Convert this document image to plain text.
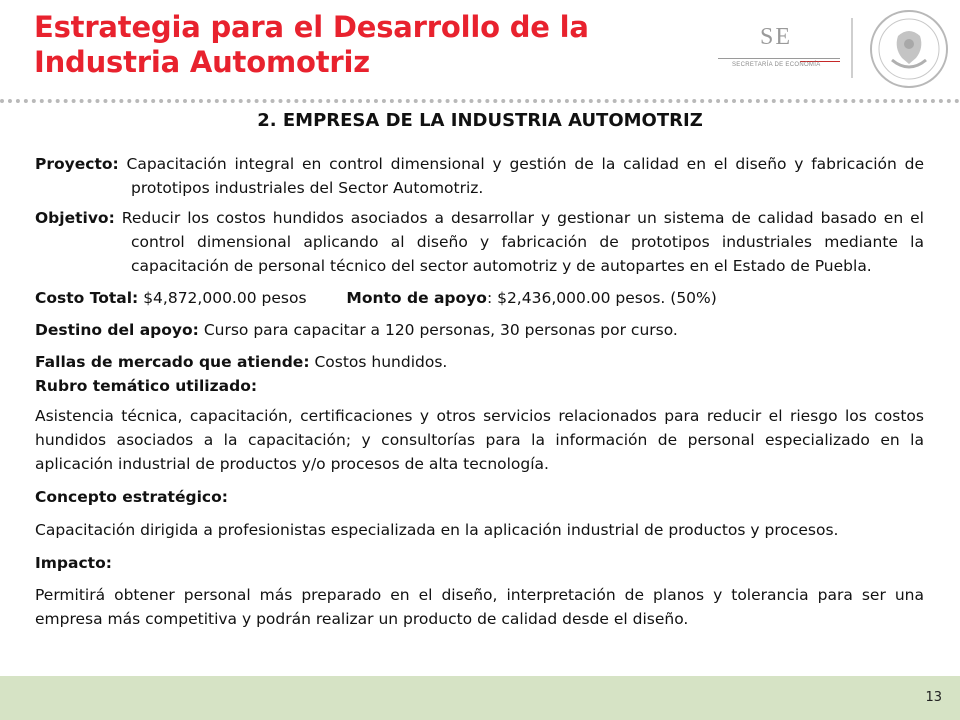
Estrategia para el Desarrollo de la Industria Automotriz
SE
SECRETARÍA DE ECONOMÍA
2. EMPRESA DE LA INDUSTRIA AUTOMOTRIZ
Proyecto: Capacitación integral en control dimensional y gestión de la calidad en el diseño y fabricación de prototipos industriales del Sector Automotriz.
Objetivo: Reducir los costos hundidos asociados a desarrollar y gestionar un sistema de calidad basado en el control dimensional aplicando al diseño y fabricación de prototipos industriales mediante la capacitación de personal técnico del sector automotriz y de autopartes en el Estado de Puebla.
Costo Total: $4,872,000.00 pesos	Monto de apoyo: $2,436,000.00 pesos. (50%)
Destino del apoyo: Curso para capacitar a 120 personas, 30 personas por curso.
Fallas de mercado que atiende: Costos hundidos.
Rubro temático utilizado:
Asistencia técnica, capacitación, certificaciones y otros servicios relacionados para reducir el riesgo los costos hundidos asociados a la capacitación; y consultorías para la información de personal especializado en la aplicación industrial de productos y/o procesos de alta tecnología.
Concepto estratégico:
Capacitación dirigida a profesionistas especializada en la aplicación industrial de productos y procesos.
Impacto:
Permitirá obtener personal más preparado en el diseño, interpretación de planos y tolerancia para ser una empresa más competitiva y podrán realizar un producto de calidad desde el diseño.
13
